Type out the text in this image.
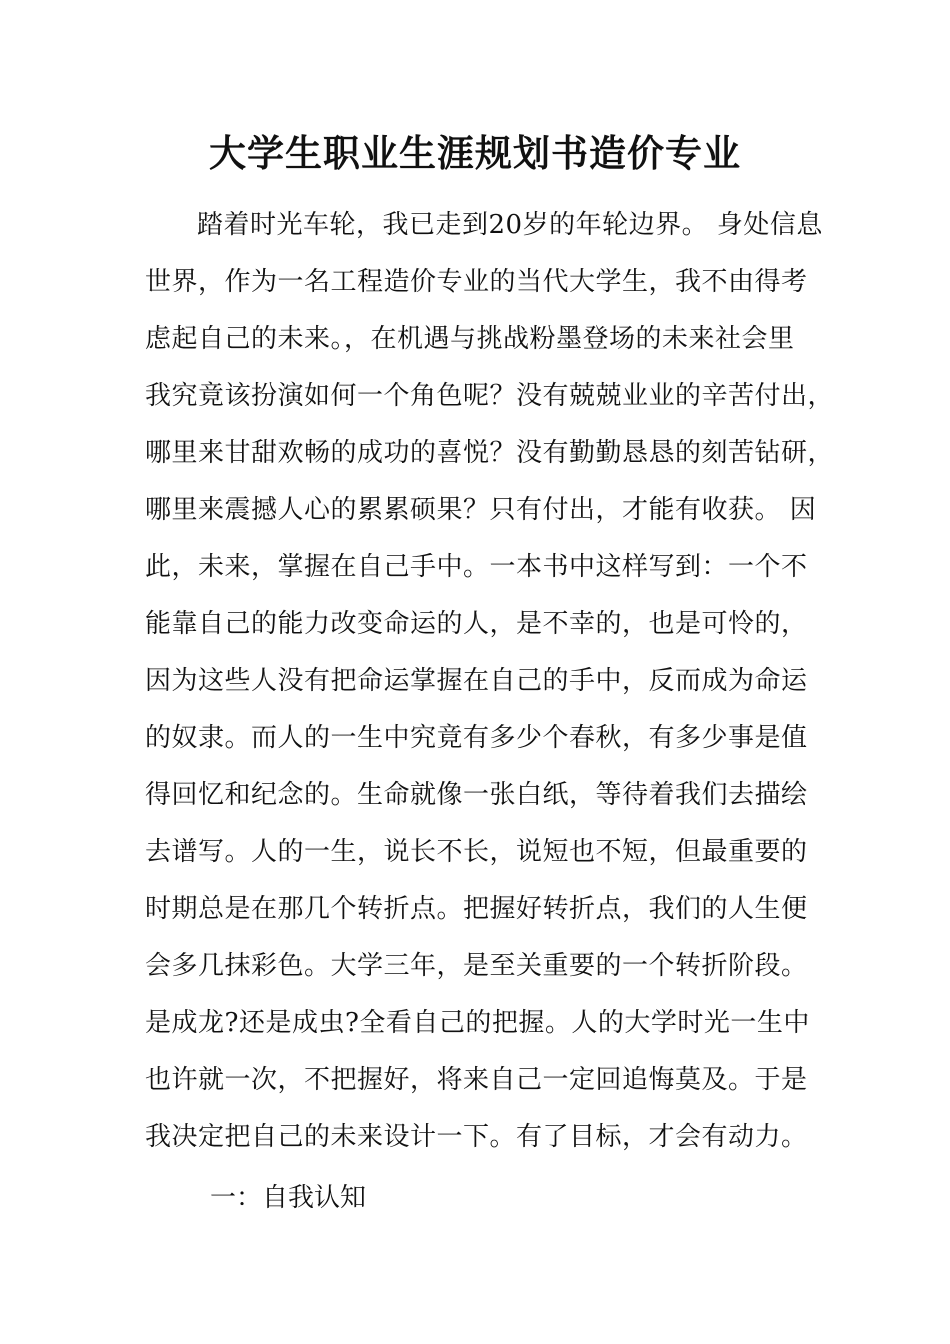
大学生职业生涯规划书造价专业
踏着时光车轮，我已走到20岁的年轮边界。 身处信息
世界，作为一名工程造价专业的当代大学生，我不由得考
虑起自己的未来。，在机遇与挑战粉墨登场的未来社会里
我究竟该扮演如何一个角色呢？没有兢兢业业的辛苦付出，
哪里来甘甜欢畅的成功的喜悦？没有勤勤恳恳的刻苦钻研，
哪里来震撼人心的累累硕果？只有付出，才能有收获。 因
此，未来，掌握在自己手中。一本书中这样写到：一个不
能靠自己的能力改变命运的人，是不幸的，也是可怜的，
因为这些人没有把命运掌握在自己的手中，反而成为命运
的奴隶。而人的一生中究竟有多少个春秋，有多少事是值
得回忆和纪念的。生命就像一张白纸，等待着我们去描绘
去谱写。人的一生，说长不长，说短也不短，但最重要的
时期总是在那几个转折点。把握好转折点，我们的人生便
会多几抹彩色。大学三年，是至关重要的一个转折阶段。
是成龙?还是成虫?全看自己的把握。人的大学时光一生中
也许就一次，不把握好，将来自己一定回追悔莫及。于是
我决定把自己的未来设计一下。有了目标，才会有动力。
一：自我认知
